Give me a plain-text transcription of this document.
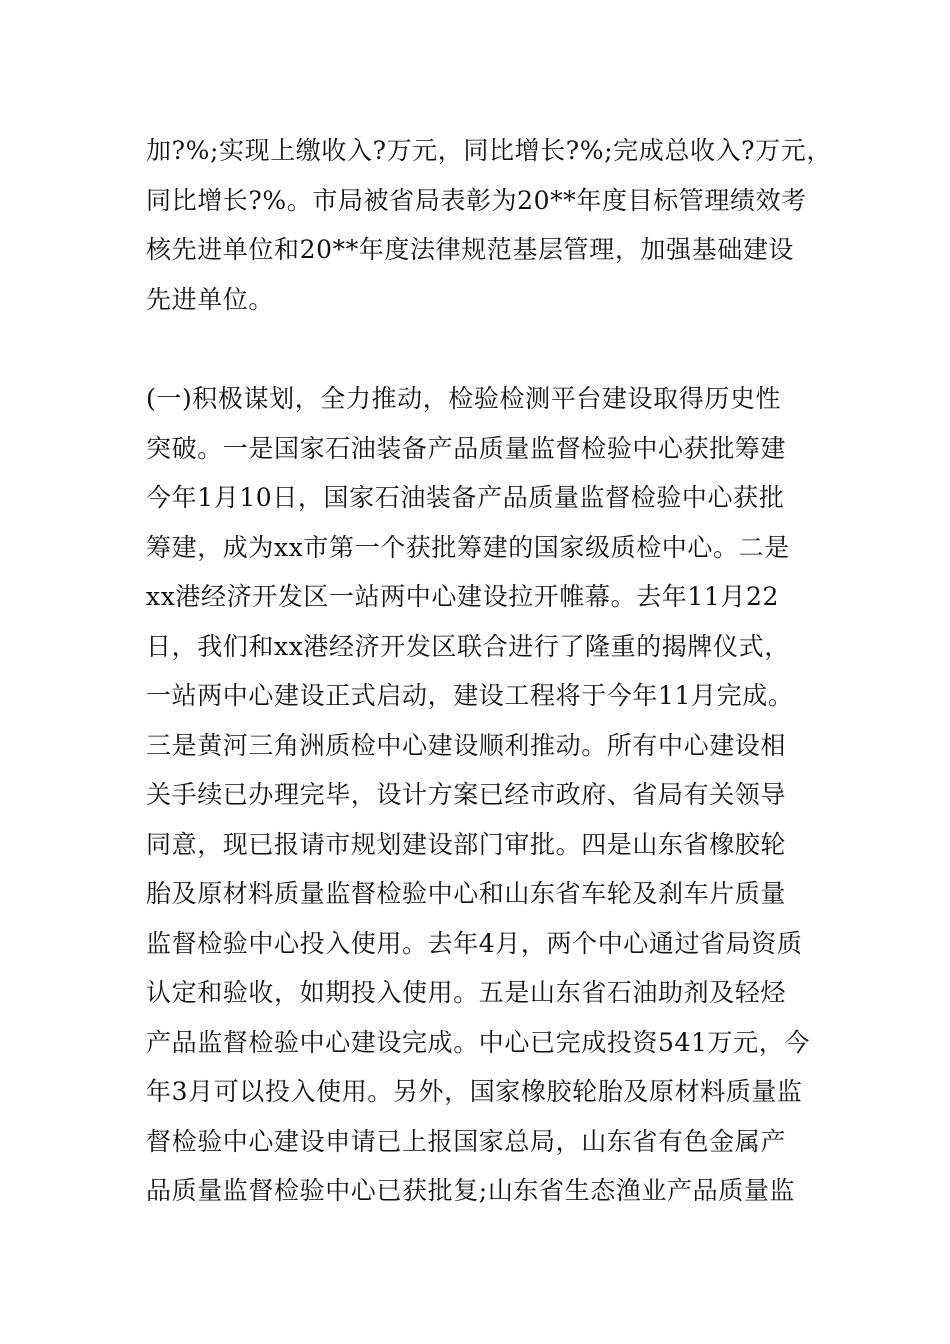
加?%;实现上缴收入?万元，同比增长?%;完成总收入?万元，
同比增长?%。市局被省局表彰为20**年度目标管理绩效考
核先进单位和20**年度法律规范基层管理，加强基础建设
先进单位。

(一)积极谋划，全力推动，检验检测平台建设取得历史性
突破。一是国家石油装备产品质量监督检验中心获批筹建
今年1月10日，国家石油装备产品质量监督检验中心获批
筹建，成为xx市第一个获批筹建的国家级质检中心。二是
xx港经济开发区一站两中心建设拉开帷幕。去年11月22
日，我们和xx港经济开发区联合进行了隆重的揭牌仪式，
一站两中心建设正式启动，建设工程将于今年11月完成。
三是黄河三角洲质检中心建设顺利推动。所有中心建设相
关手续已办理完毕，设计方案已经市政府、省局有关领导
同意，现已报请市规划建设部门审批。四是山东省橡胶轮
胎及原材料质量监督检验中心和山东省车轮及刹车片质量
监督检验中心投入使用。去年4月，两个中心通过省局资质
认定和验收，如期投入使用。五是山东省石油助剂及轻烃
产品监督检验中心建设完成。中心已完成投资541万元，今
年3月可以投入使用。另外，国家橡胶轮胎及原材料质量监
督检验中心建设申请已上报国家总局，山东省有色金属产
品质量监督检验中心已获批复;山东省生态渔业产品质量监
